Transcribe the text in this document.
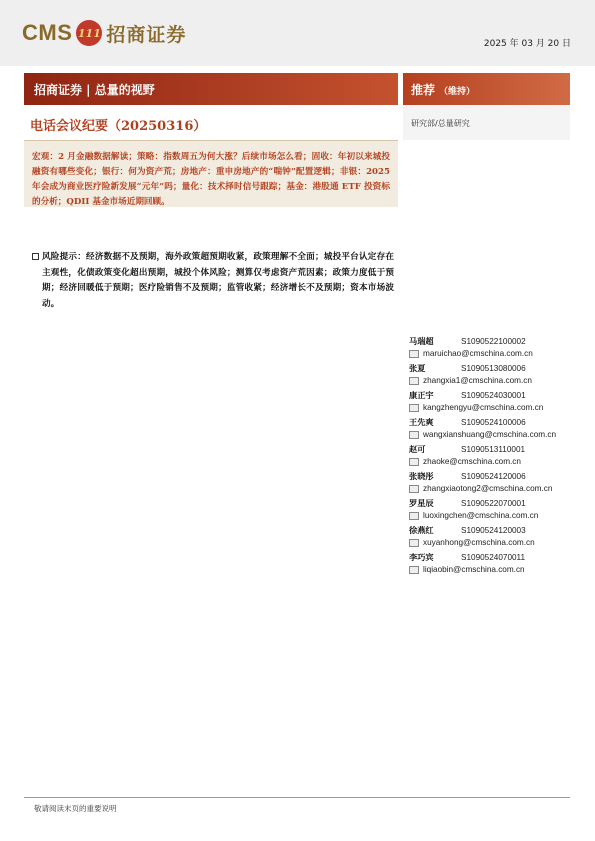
CMS 111 招商证券	2025 年 03 月 20 日
招商证券 | 总量的视野	推荐 （维持）
电话会议纪要（20250316）	研究部/总量研究

宏观：2 月金融数据解读；策略：指数周五为何大涨？后续市场怎么看；固收：年初以来城投融资有哪些变化；银行：何为资产荒；房地产：重申房地产的“喘钟”配置逻辑；非银：2025 年会成为商业医疗险新发展“元年”吗；量化：技术择时信号跟踪；基金：港股通 ETF 投资标的分析；QDII 基金市场近期回顾。

风险提示：经济数据不及预期，海外政策超预期收紧，政策理解不全面；城投平台认定存在主观性，化债政策变化超出预期，城投个体风险；测算仅考虑资产荒因素；政策力度低于预期；经济回暖低于预期；医疗险销售不及预期；监管收紧；经济增长不及预期；资本市场波动。

马瑞超	S1090522100002
maruichao@cmschina.com.cn
张夏	S1090513080006
zhangxia1@cmschina.com.cn
康正宇	S1090524030001
kangzhengyu@cmschina.com.cn
王先爽	S1090524100006
wangxianshuang@cmschina.com.cn
赵可	S1090513110001
zhaoke@cmschina.com.cn
张晓彤	S1090524120006
zhangxiaotong2@cmschina.com.cn
罗星辰	S1090522070001
luoxingchen@cmschina.com.cn
徐燕红	S1090524120003
xuyanhong@cmschina.com.cn
李巧宾	S1090524070011
liqiaobin@cmschina.com.cn
敬请阅读末页的重要说明
